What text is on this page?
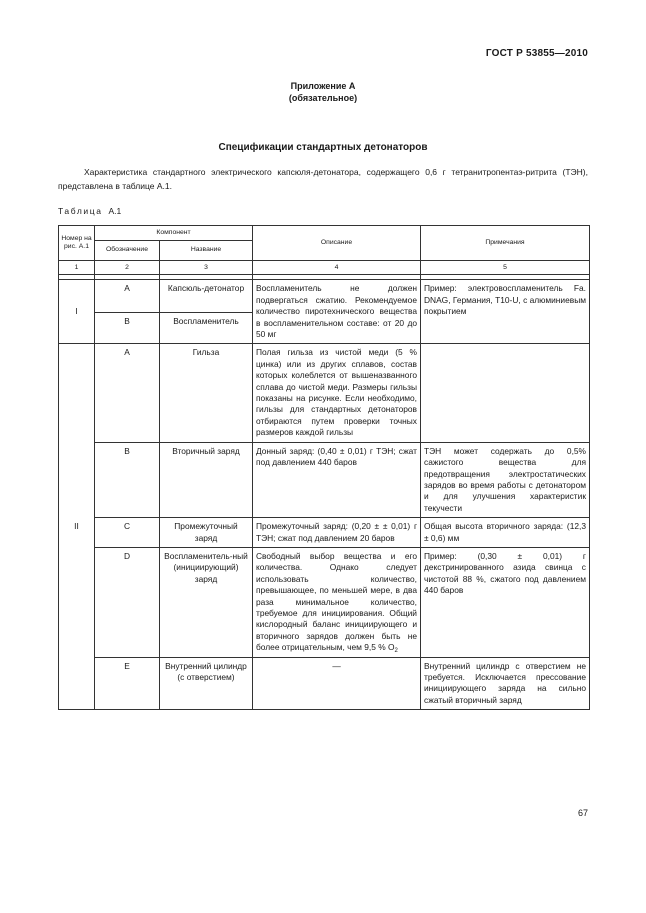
ГОСТ Р 53855—2010
Приложение А
(обязательное)
Спецификации стандартных детонаторов

Характеристика стандартного электрического капсюля-детонатора, содержащего 0,6 г тетранитропентаэ-ритрита (ТЭН), представлена в таблице А.1.

Таблица А.1
Номер на рис. А.1	Компонент		Описание	Примечания
	Обозначение	Название		
1	2	3	4	5

I	А	Капсюль-детонатор	Воспламенитель не должен подвергаться сжатию. Рекомендуемое количество пиротехнического вещества в воспламенительном составе: от 20 до 50 мг	Пример: электровоспламенитель Fa. DNAG, Германия, T10-U, с алюминиевым покрытием
	В	Воспламенитель		
II	А	Гильза	Полая гильза из чистой меди (5 % цинка) или из других сплавов, состав которых колеблется от вышеназванного сплава до чистой меди. Размеры гильзы показаны на рисунке. Если необходимо, гильзы для стандартных детонаторов отбираются путем проверки точных размеров каждой гильзы	
	В	Вторичный заряд	Донный заряд: (0,40 ± 0,01) г ТЭН; сжат под давлением 440 баров	ТЭН может содержать до 0,5% сажистого вещества для предотвращения электростатических зарядов во время работы с детонатором и для улучшения характеристик текучести
	С	Промежуточный заряд	Промежуточный заряд: (0,20 ± ± 0,01) г ТЭН; сжат под давлением 20 баров	Общая высота вторичного заряда: (12,3 ± 0,6) мм
	D	Воспламенитель-ный (инициирующий) заряд	Свободный выбор вещества и его количества. Однако следует использовать количество, превышающее, по меньшей мере, в два раза минимальное количество, требуемое для инициирования. Общий кислородный баланс инициирующего и вторичного зарядов должен быть не более отрицательным, чем 9,5 % $O_2$	Пример: (0,30 ± 0,01) г декстринированного азида свинца с чистотой 88 %, сжатого под давлением 440 баров
	Е	Внутренний цилиндр (с отверстием)	—	Внутренний цилиндр с отверстием не требуется. Исключается прессование инициирующего заряда на сильно сжатый вторичный заряд
67
